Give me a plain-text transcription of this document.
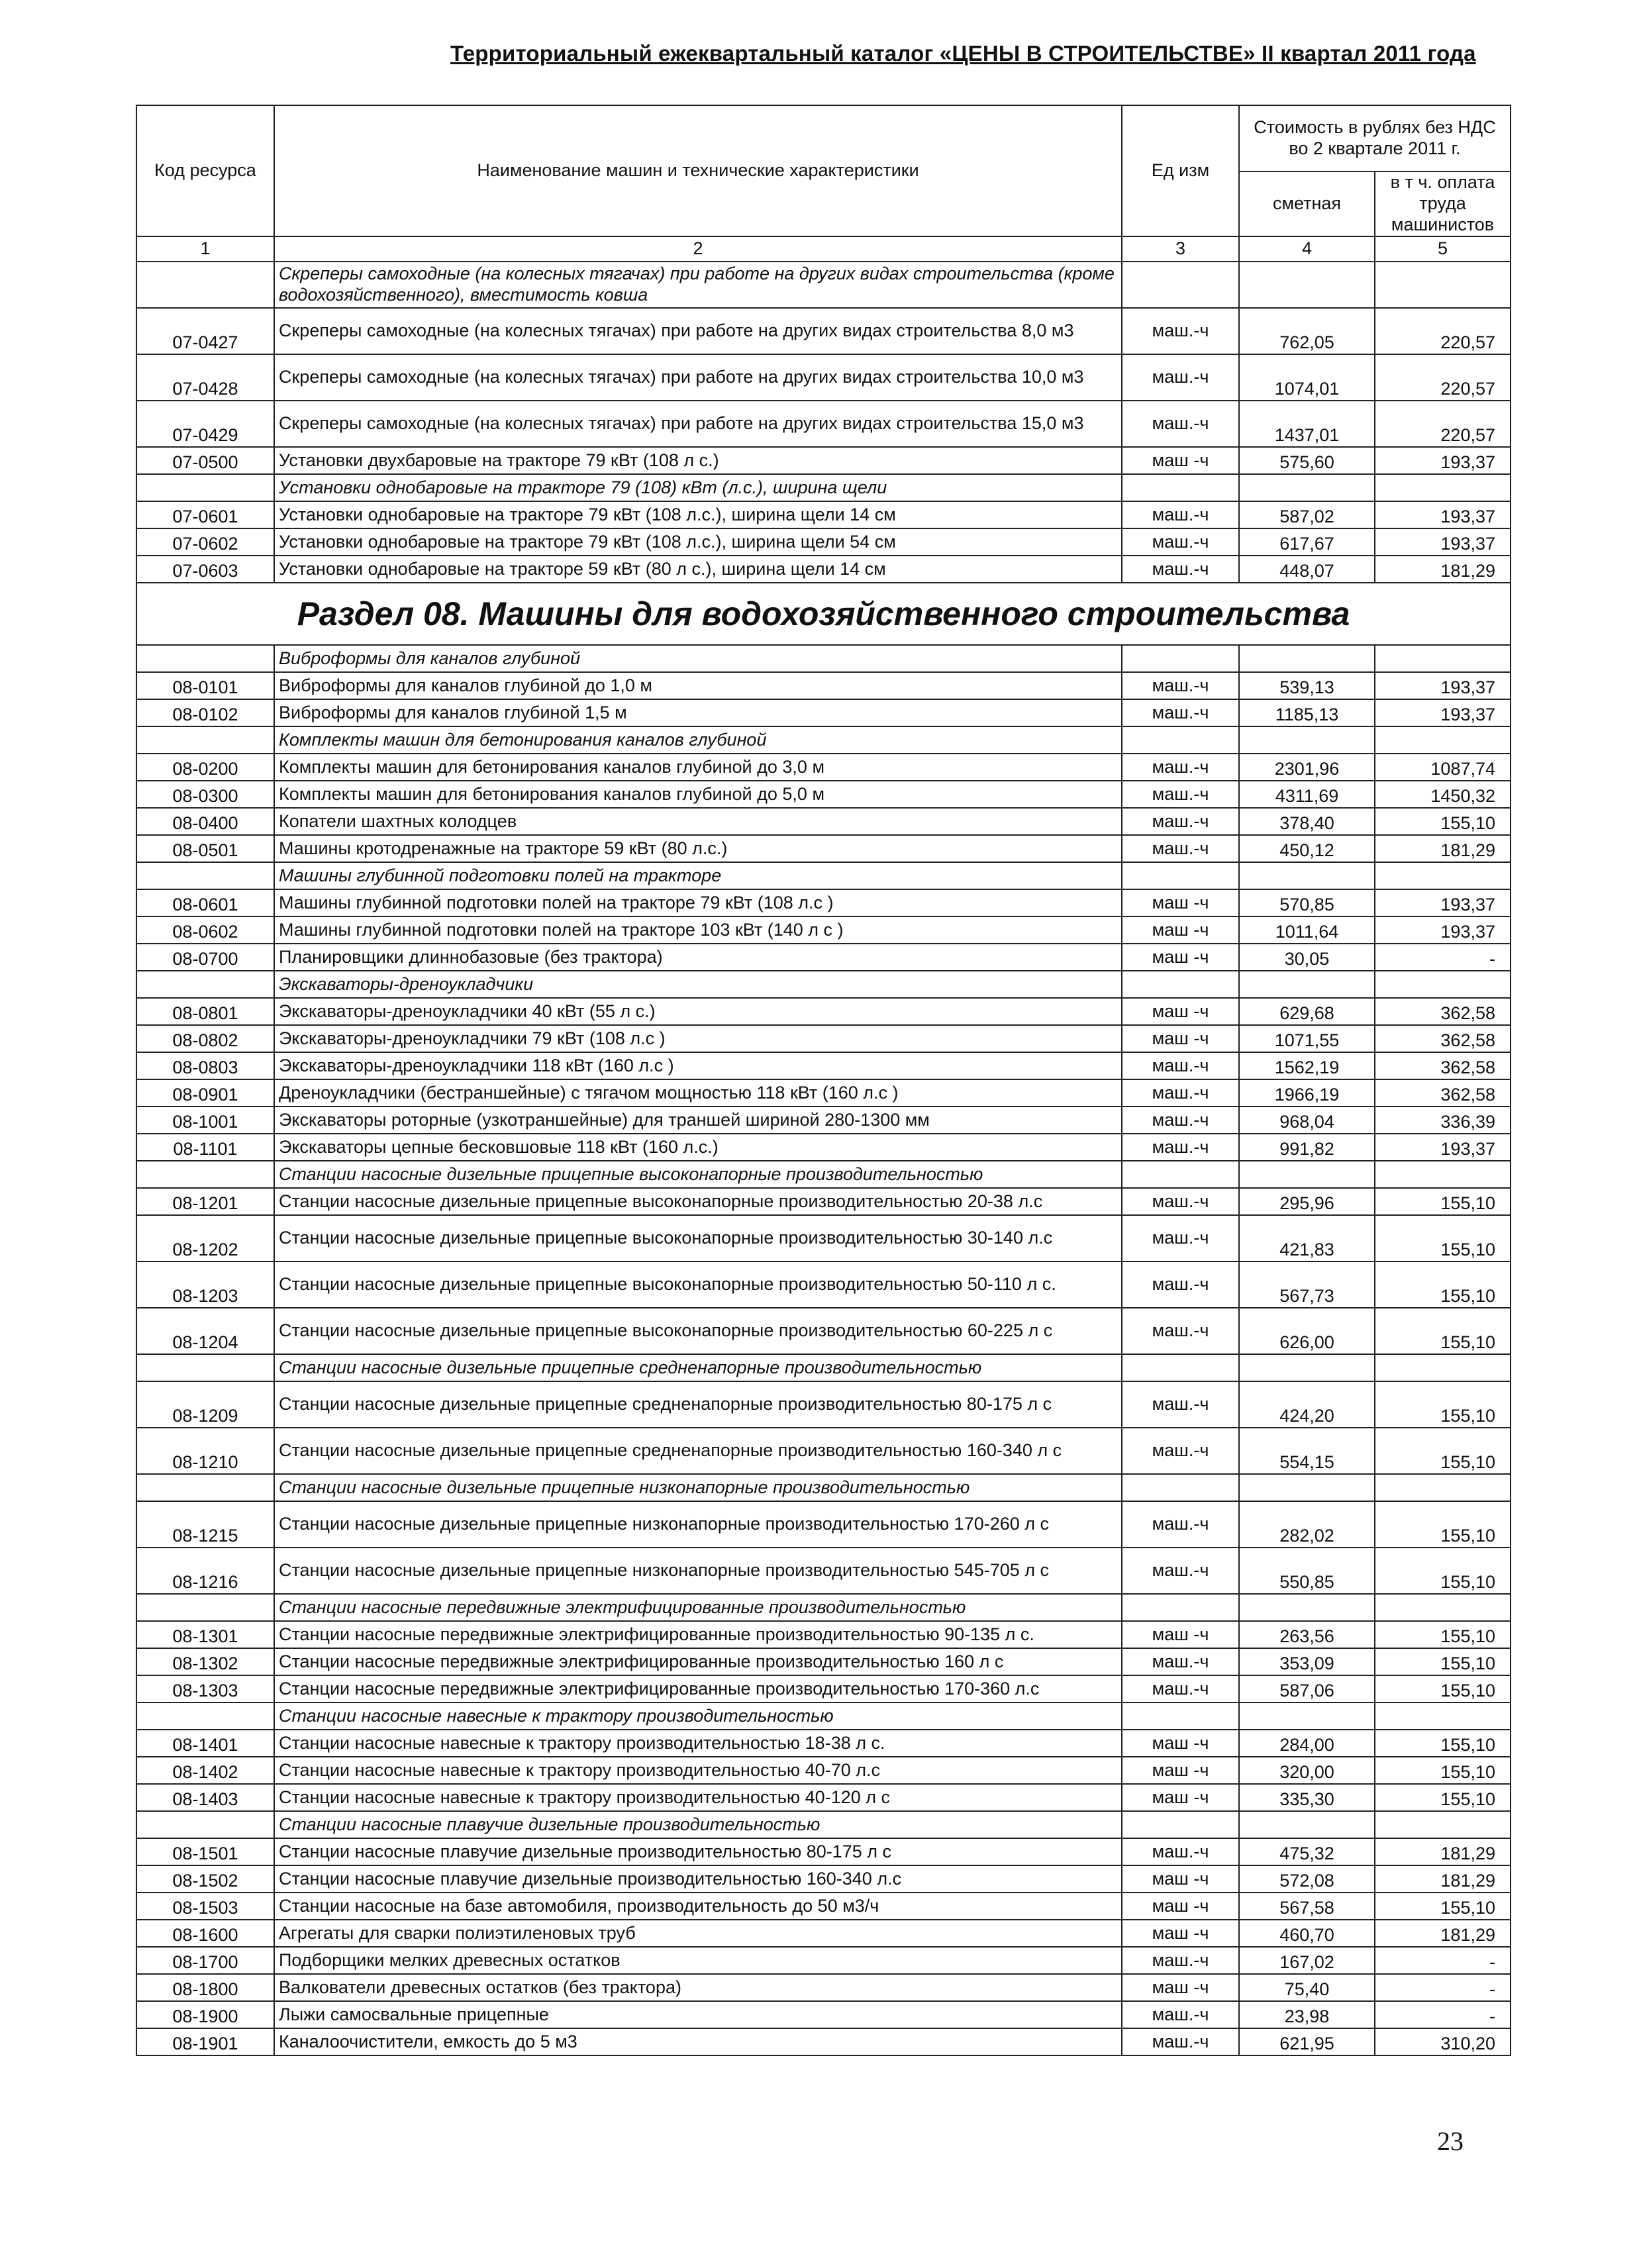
Территориальный ежеквартальный каталог «ЦЕНЫ В СТРОИТЕЛЬСТВЕ» II квартал 2011 года
Код ресурса	Наименование машин и технические характеристики	Ед изм	Стоимость в рублях без НДС во 2 квартале 2011 г.	
			сметная	в т ч. оплата труда машинистов
1	2	3	4	5
	Скреперы самоходные (на колесных тягачах) при работе на других видах строительства (кроме водохозяйственного), вместимость ковша			
07-0427	Скреперы самоходные (на колесных тягачах) при работе на других видах строительства 8,0 м3	маш.-ч	762,05	220,57
07-0428	Скреперы самоходные (на колесных тягачах) при работе на других видах строительства 10,0 м3	маш.-ч	1074,01	220,57
07-0429	Скреперы самоходные (на колесных тягачах) при работе на других видах строительства 15,0 м3	маш.-ч	1437,01	220,57
07-0500	Установки двухбаровые на тракторе 79 кВт (108 л с.)	маш -ч	575,60	193,37
	Установки однобаровые на тракторе 79 (108) кВт (л.с.), ширина щели			
07-0601	Установки однобаровые на тракторе 79 кВт (108 л.с.), ширина щели 14 см	маш.-ч	587,02	193,37
07-0602	Установки однобаровые на тракторе 79 кВт (108 л.с.), ширина щели 54 см	маш.-ч	617,67	193,37
07-0603	Установки однобаровые на тракторе 59 кВт (80 л с.), ширина щели 14 см	маш.-ч	448,07	181,29
Раздел 08. Машины для водохозяйственного строительства				
	Виброформы для каналов глубиной			
08-0101	Виброформы для каналов глубиной до 1,0 м	маш.-ч	539,13	193,37
08-0102	Виброформы для каналов глубиной 1,5 м	маш.-ч	1185,13	193,37
	Комплекты машин для бетонирования каналов глубиной			
08-0200	Комплекты машин для бетонирования каналов глубиной до 3,0 м	маш.-ч	2301,96	1087,74
08-0300	Комплекты машин для бетонирования каналов глубиной до 5,0 м	маш.-ч	4311,69	1450,32
08-0400	Копатели шахтных колодцев	маш.-ч	378,40	155,10
08-0501	Машины кротодренажные на тракторе 59 кВт (80 л.с.)	маш.-ч	450,12	181,29
	Машины глубинной подготовки полей на тракторе			
08-0601	Машины глубинной подготовки полей на тракторе 79 кВт (108 л.с )	маш -ч	570,85	193,37
08-0602	Машины глубинной подготовки полей на тракторе 103 кВт (140 л с )	маш -ч	1011,64	193,37
08-0700	Планировщики длиннобазовые (без трактора)	маш -ч	30,05	-
	Экскаваторы-дреноукладчики			
08-0801	Экскаваторы-дреноукладчики 40 кВт (55 л с.)	маш -ч	629,68	362,58
08-0802	Экскаваторы-дреноукладчики 79 кВт (108 л.с )	маш -ч	1071,55	362,58
08-0803	Экскаваторы-дреноукладчики 118 кВт (160 л.с )	маш.-ч	1562,19	362,58
08-0901	Дреноукладчики (бестраншейные) с тягачом мощностью 118 кВт (160 л.с )	маш.-ч	1966,19	362,58
08-1001	Экскаваторы роторные (узкотраншейные) для траншей шириной 280-1300 мм	маш.-ч	968,04	336,39
08-1101	Экскаваторы цепные бесковшовые 118 кВт (160 л.с.)	маш.-ч	991,82	193,37
	Станции насосные дизельные прицепные высоконапорные производительностью			
08-1201	Станции насосные дизельные прицепные высоконапорные производительностью 20-38 л.с	маш.-ч	295,96	155,10
08-1202	Станции насосные дизельные прицепные высоконапорные производительностью 30-140 л.с	маш.-ч	421,83	155,10
08-1203	Станции насосные дизельные прицепные высоконапорные производительностью 50-110 л с.	маш.-ч	567,73	155,10
08-1204	Станции насосные дизельные прицепные высоконапорные производительностью 60-225 л с	маш.-ч	626,00	155,10
	Станции насосные дизельные прицепные средненапорные производительностью			
08-1209	Станции насосные дизельные прицепные средненапорные производительностью 80-175 л с	маш.-ч	424,20	155,10
08-1210	Станции насосные дизельные прицепные средненапорные производительностью 160-340 л с	маш.-ч	554,15	155,10
	Станции насосные дизельные прицепные низконапорные производительностью			
08-1215	Станции насосные дизельные прицепные низконапорные производительностью 170-260 л с	маш.-ч	282,02	155,10
08-1216	Станции насосные дизельные прицепные низконапорные производительностью 545-705 л с	маш.-ч	550,85	155,10
	Станции насосные передвижные электрифицированные производительностью			
08-1301	Станции насосные передвижные электрифицированные производительностью 90-135 л с.	маш -ч	263,56	155,10
08-1302	Станции насосные передвижные электрифицированные производительностью 160 л с	маш.-ч	353,09	155,10
08-1303	Станции насосные передвижные электрифицированные производительностью 170-360 л.с	маш.-ч	587,06	155,10
	Станции насосные навесные к трактору производительностью			
08-1401	Станции насосные навесные к трактору производительностью 18-38 л с.	маш -ч	284,00	155,10
08-1402	Станции насосные навесные к трактору производительностью 40-70 л.с	маш -ч	320,00	155,10
08-1403	Станции насосные навесные к трактору производительностью 40-120 л с	маш -ч	335,30	155,10
	Станции насосные плавучие дизельные производительностью			
08-1501	Станции насосные плавучие дизельные производительностью 80-175 л с	маш.-ч	475,32	181,29
08-1502	Станции насосные плавучие дизельные производительностью 160-340 л.с	маш -ч	572,08	181,29
08-1503	Станции насосные на базе автомобиля, производительность до 50 м3/ч	маш -ч	567,58	155,10
08-1600	Агрегаты для сварки полиэтиленовых труб	маш -ч	460,70	181,29
08-1700	Подборщики мелких древесных остатков	маш.-ч	167,02	-
08-1800	Валкователи древесных остатков (без трактора)	маш -ч	75,40	-
08-1900	Лыжи самосвальные прицепные	маш.-ч	23,98	-
08-1901	Каналоочистители, емкость до 5 м3	маш.-ч	621,95	310,20
23
